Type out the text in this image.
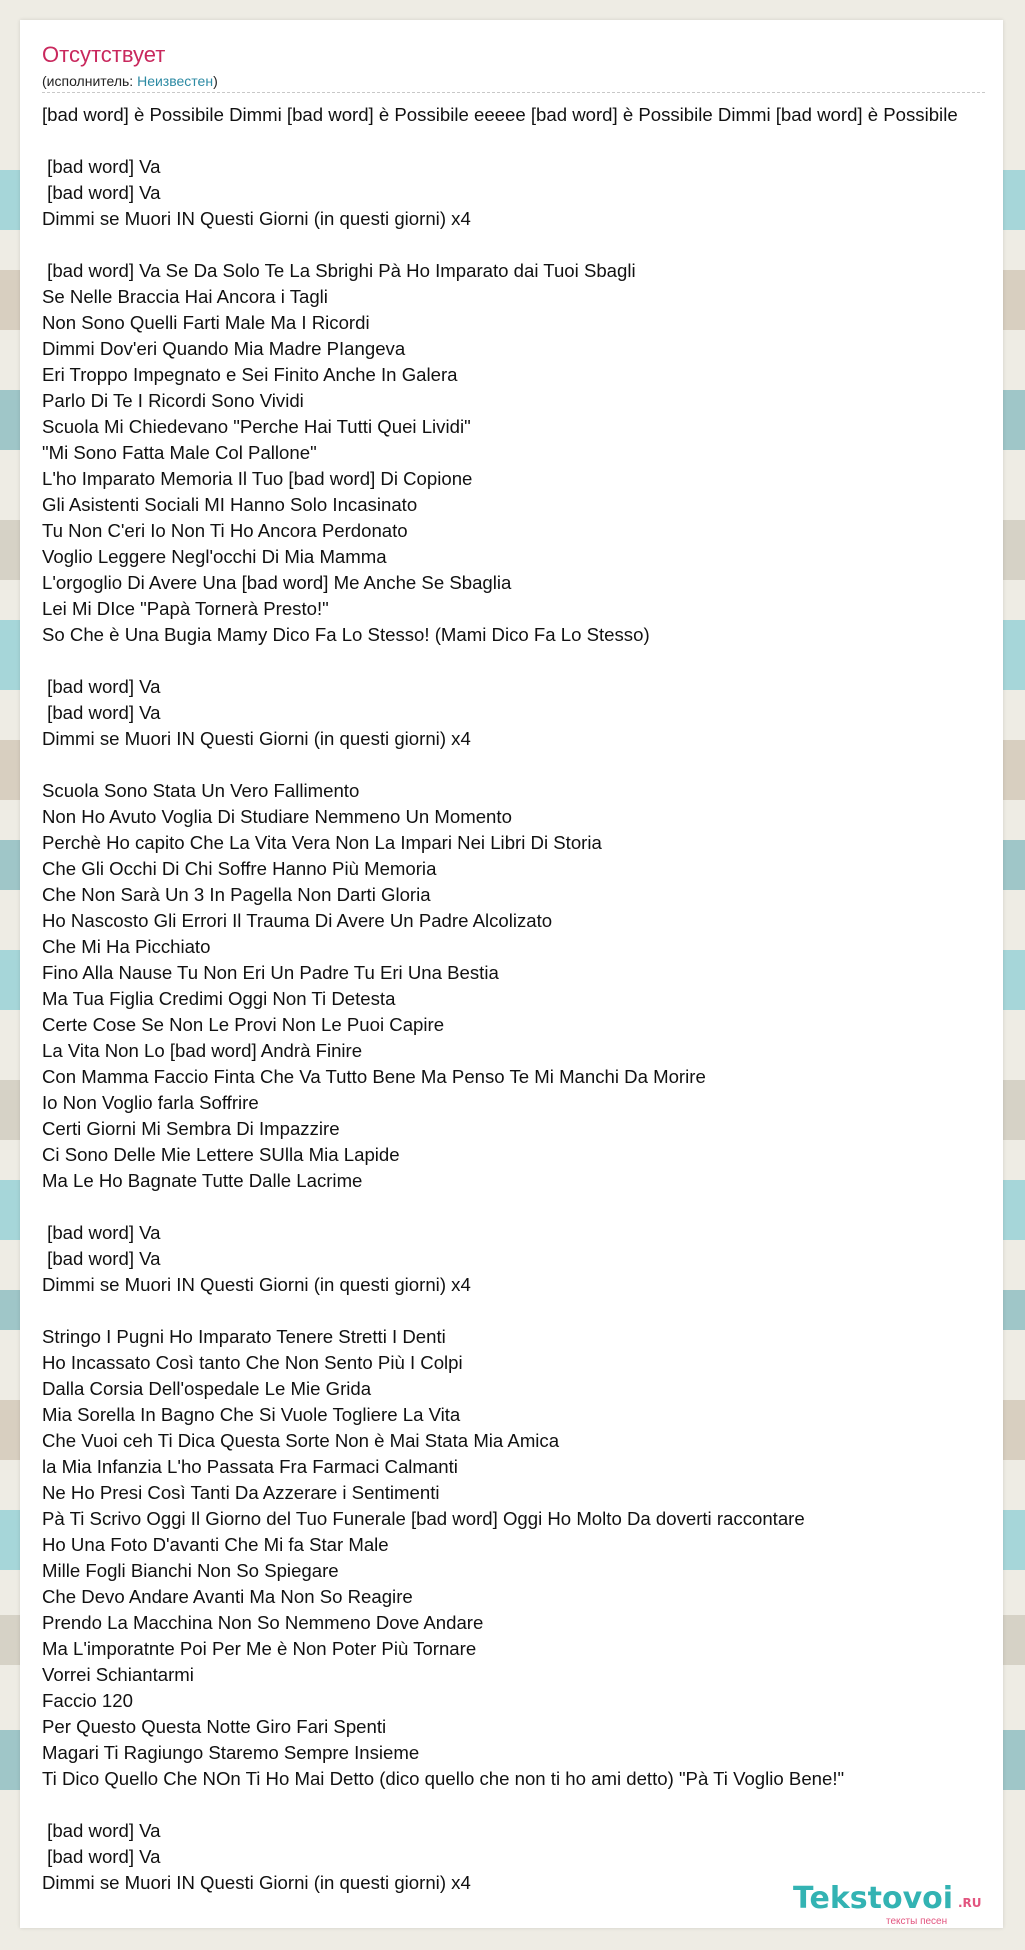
Отсутствует
(исполнитель: Неизвестен)
[bad word] è Possibile Dimmi [bad word] è Possibile eeeee [bad word] è Possibile Dimmi [bad word] è Possibile

[bad word] Va
[bad word] Va
Dimmi se Muori IN Questi Giorni (in questi giorni) x4

[bad word] Va Se Da Solo Te La Sbrighi Pà Ho Imparato dai Tuoi Sbagli
Se Nelle Braccia Hai Ancora i Tagli
Non Sono Quelli Farti Male Ma I Ricordi
Dimmi Dov'eri Quando Mia Madre PIangeva
Eri Troppo Impegnato e Sei Finito Anche In Galera
Parlo Di Te I Ricordi Sono Vividi
Scuola Mi Chiedevano "Perche Hai Tutti Quei Lividi"
"Mi Sono Fatta Male Col Pallone"
L'ho Imparato Memoria Il Tuo [bad word] Di Copione
Gli Asistenti Sociali MI Hanno Solo Incasinato
Tu Non C'eri Io Non Ti Ho Ancora Perdonato
Voglio Leggere Negl'occhi Di Mia Mamma
L'orgoglio Di Avere Una [bad word] Me Anche Se Sbaglia
Lei Mi DIce "Papà Tornerà Presto!"
So Che è Una Bugia Mamy Dico Fa Lo Stesso! (Mami Dico Fa Lo Stesso)

[bad word] Va
[bad word] Va
Dimmi se Muori IN Questi Giorni (in questi giorni) x4

Scuola Sono Stata Un Vero Fallimento
Non Ho Avuto Voglia Di Studiare Nemmeno Un Momento
Perchè Ho capito Che La Vita Vera Non La Impari Nei Libri Di Storia
Che Gli Occhi Di Chi Soffre Hanno Più Memoria
Che Non Sarà Un 3 In Pagella Non Darti Gloria
Ho Nascosto Gli Errori Il Trauma Di Avere Un Padre Alcolizato
Che Mi Ha Picchiato
Fino Alla Nause Tu Non Eri Un Padre Tu Eri Una Bestia
Ma Tua Figlia Credimi Oggi Non Ti Detesta
Certe Cose Se Non Le Provi Non Le Puoi Capire
La Vita Non Lo [bad word] Andrà Finire
Con Mamma Faccio Finta Che Va Tutto Bene Ma Penso Te Mi Manchi Da Morire
Io Non Voglio farla Soffrire
Certi Giorni Mi Sembra Di Impazzire
Ci Sono Delle Mie Lettere SUlla Mia Lapide
Ma Le Ho Bagnate Tutte Dalle Lacrime

[bad word] Va
[bad word] Va
Dimmi se Muori IN Questi Giorni (in questi giorni) x4

Stringo I Pugni Ho Imparato Tenere Stretti I Denti
Ho Incassato Così tanto Che Non Sento Più I Colpi
Dalla Corsia Dell'ospedale Le Mie Grida
Mia Sorella In Bagno Che Si Vuole Togliere La Vita
Che Vuoi ceh Ti Dica Questa Sorte Non è Mai Stata Mia Amica
la Mia Infanzia L'ho Passata Fra Farmaci Calmanti
Ne Ho Presi Così Tanti Da Azzerare i Sentimenti
Pà Ti Scrivo Oggi Il Giorno del Tuo Funerale [bad word] Oggi Ho Molto Da doverti raccontare
Ho Una Foto D'avanti Che Mi fa Star Male
Mille Fogli Bianchi Non So Spiegare
Che Devo Andare Avanti Ma Non So Reagire
Prendo La Macchina Non So Nemmeno Dove Andare
Ma L'imporatnte Poi Per Me è Non Poter Più Tornare
Vorrei Schiantarmi
Faccio 120
Per Questo Questa Notte Giro Fari Spenti
Magari Ti Ragiungo Staremo Sempre Insieme
Ti Dico Quello Che NOn Ti Ho Mai Detto (dico quello che non ti ho ami detto) "Pà Ti Voglio Bene!"

[bad word] Va
[bad word] Va
Dimmi se Muori IN Questi Giorni (in questi giorni) x4	Tekstovoi .RU
тексты песен
